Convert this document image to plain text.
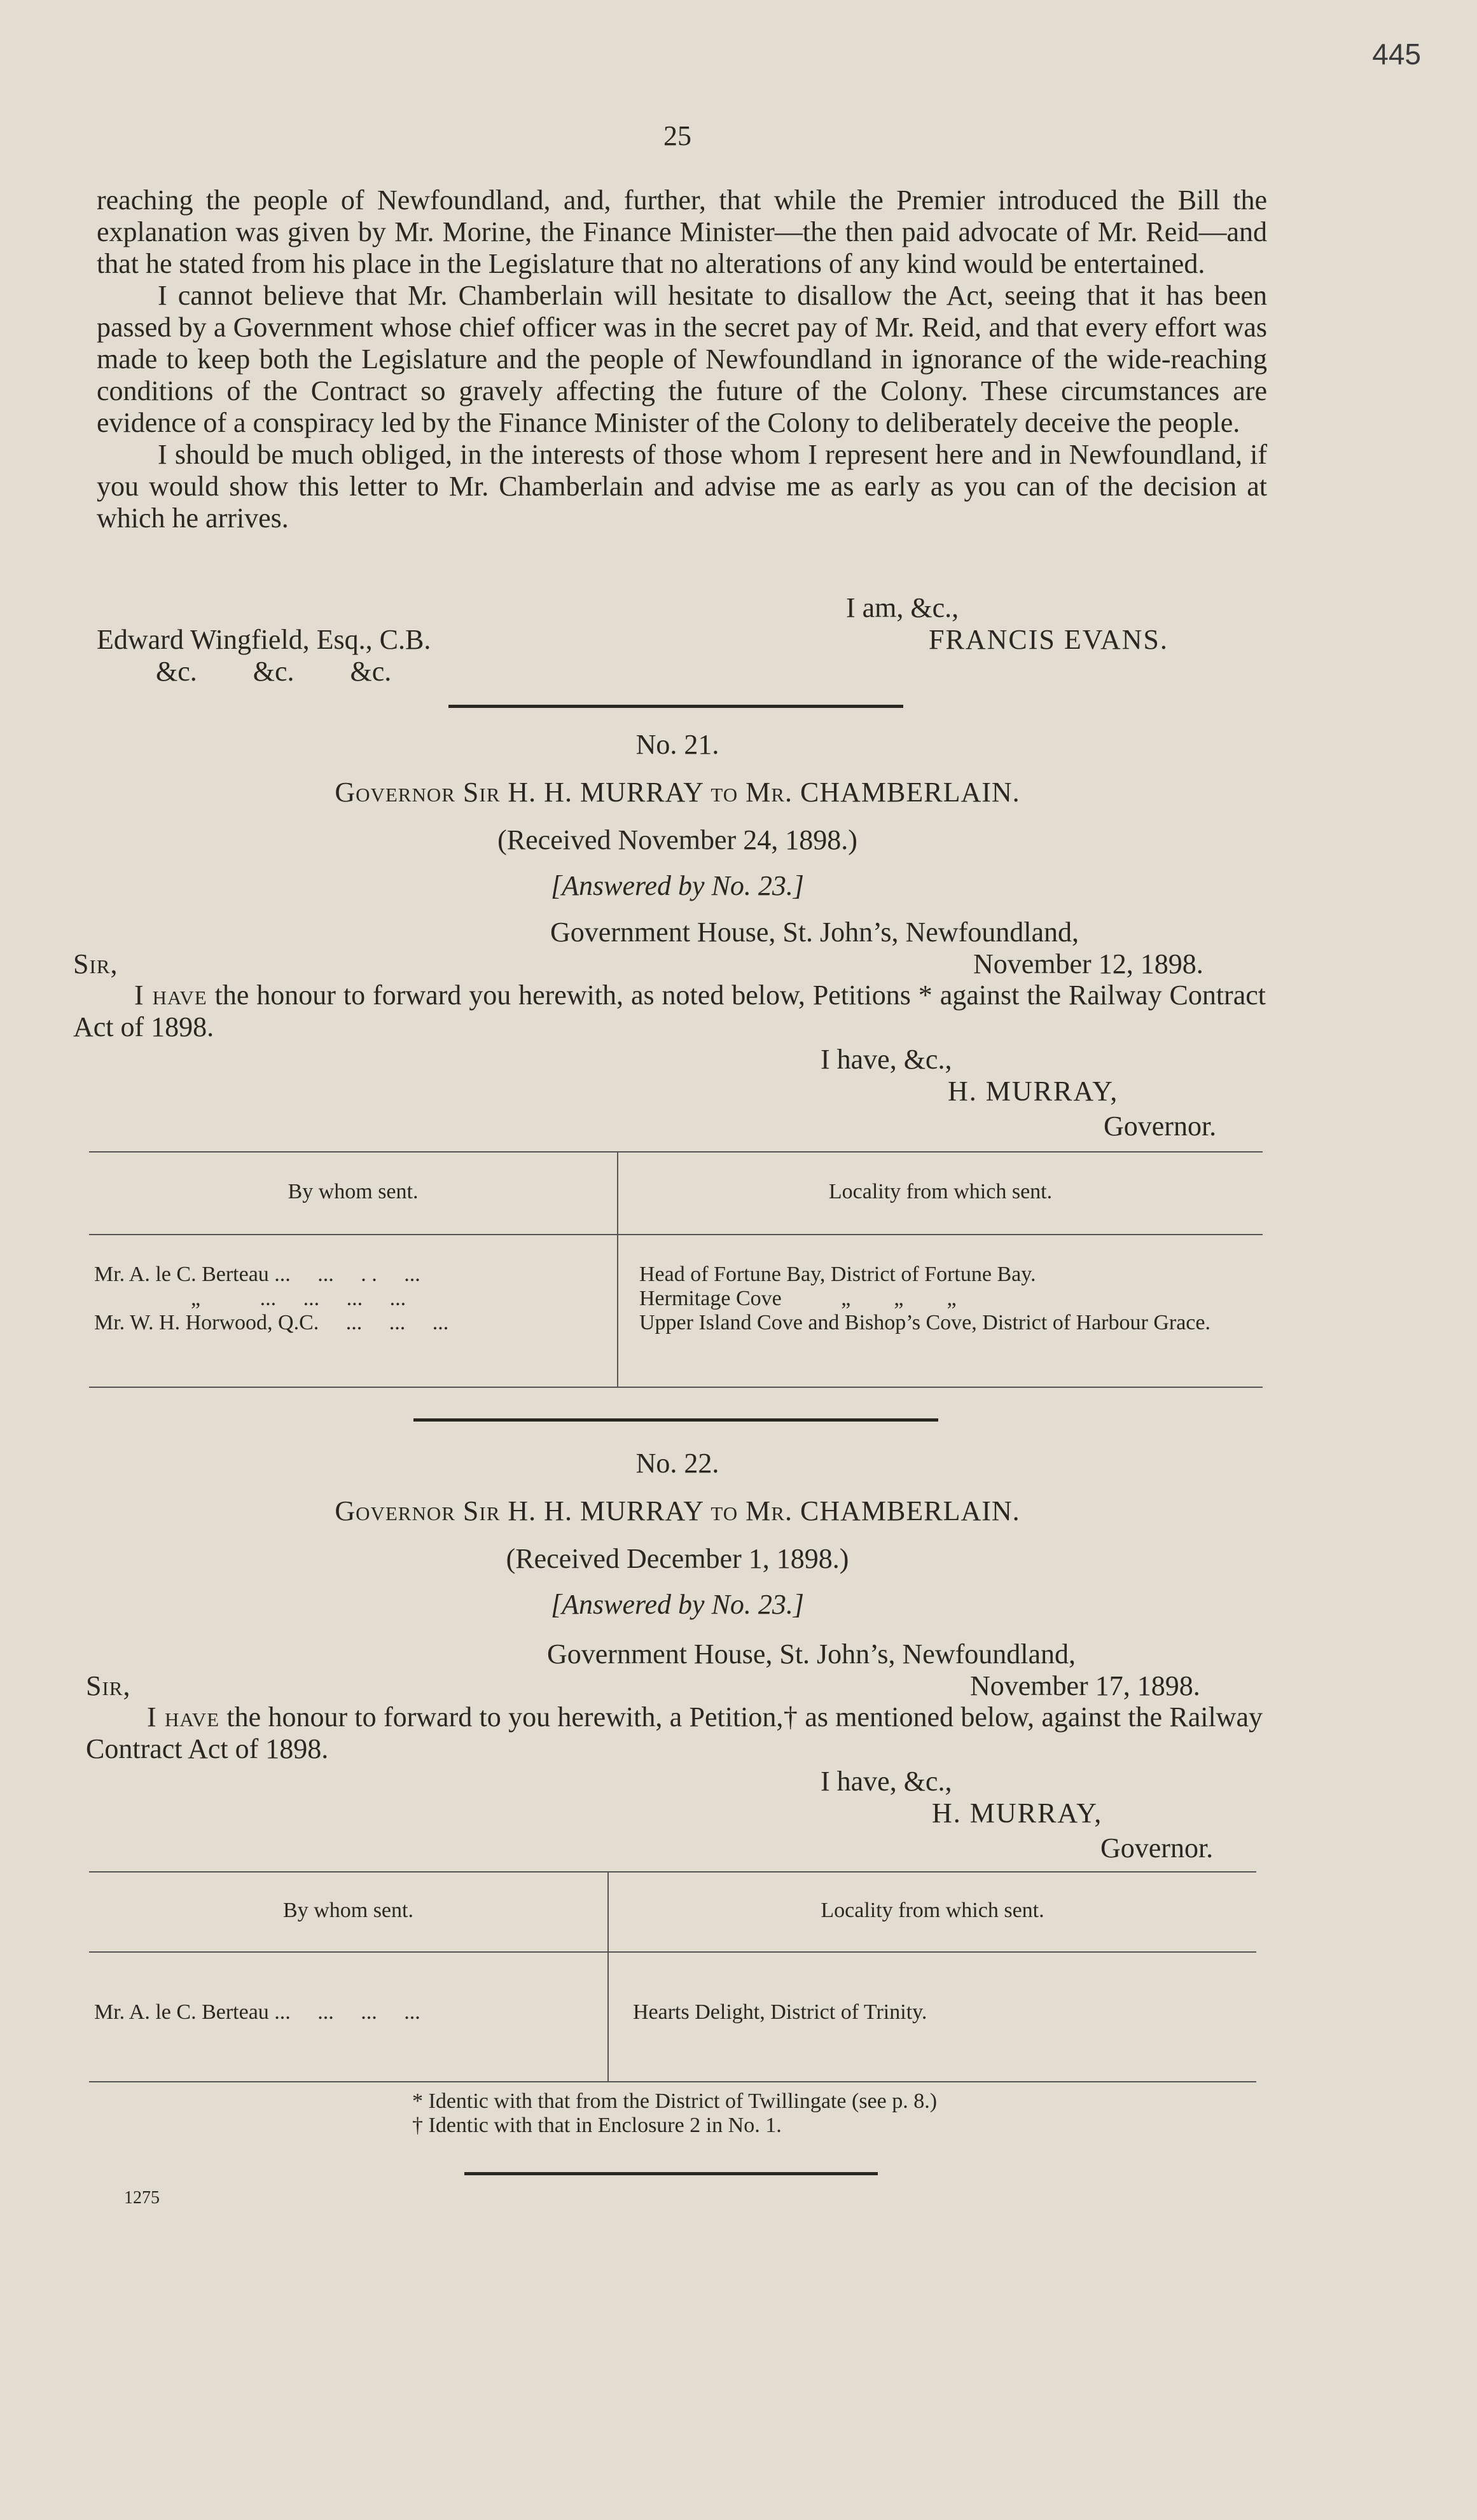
445
25

reaching the people of Newfoundland, and, further, that while the Premier introduced the Bill the explanation was given by Mr. Morine, the Finance Minister—the then paid advocate of Mr. Reid—and that he stated from his place in the Legislature that no alterations of any kind would be entertained.

I cannot believe that Mr. Chamberlain will hesitate to disallow the Act, seeing that it has been passed by a Government whose chief officer was in the secret pay of Mr. Reid, and that every effort was made to keep both the Legislature and the people of Newfoundland in ignorance of the wide-reaching conditions of the Contract so gravely affecting the future of the Colony. These circumstances are evidence of a conspiracy led by the Finance Minister of the Colony to deliberately deceive the people.

I should be much obliged, in the interests of those whom I represent here and in Newfoundland, if you would show this letter to Mr. Chamberlain and advise me as early as you can of the decision at which he arrives.

I am, &c.,
Edward Wingfield, Esq., C.B.	FRANCIS EVANS.
&c.        &c.        &c.
No. 21.
Governor Sir H. H. MURRAY to Mr. CHAMBERLAIN.
(Received November 24, 1898.)
[Answered by No. 23.]
Government House, St. John’s, Newfoundland,
Sir,	November 12, 1898.

I have the honour to forward you herewith, as noted below, Petitions * against the Railway Contract Act of 1898.

I have, &c.,
H. MURRAY,
Governor.
By whom sent.	Locality from which sent.
Mr. A. le C. Berteau ...     ...     . .     ...	Head of Fortune Bay, District of Fortune Bay.
„           ...     ...     ...     ...	Hermitage Cove           „        „        „
Mr. W. H. Horwood, Q.C.     ...     ...     ...	Upper Island Cove and Bishop’s Cove, District of Harbour Grace.
No. 22.
Governor Sir H. H. MURRAY to Mr. CHAMBERLAIN.
(Received December 1, 1898.)
[Answered by No. 23.]
Government House, St. John’s, Newfoundland,
Sir,	November 17, 1898.

I have the honour to forward to you herewith, a Petition,† as mentioned below, against the Railway Contract Act of 1898.

I have, &c.,
H. MURRAY,
Governor.
By whom sent.	Locality from which sent.
Mr. A. le C. Berteau ...     ...     ...     ...	Hearts Delight, District of Trinity.
* Identic with that from the District of Twillingate (see p. 8.)
† Identic with that in Enclosure 2 in No. 1.
1275
